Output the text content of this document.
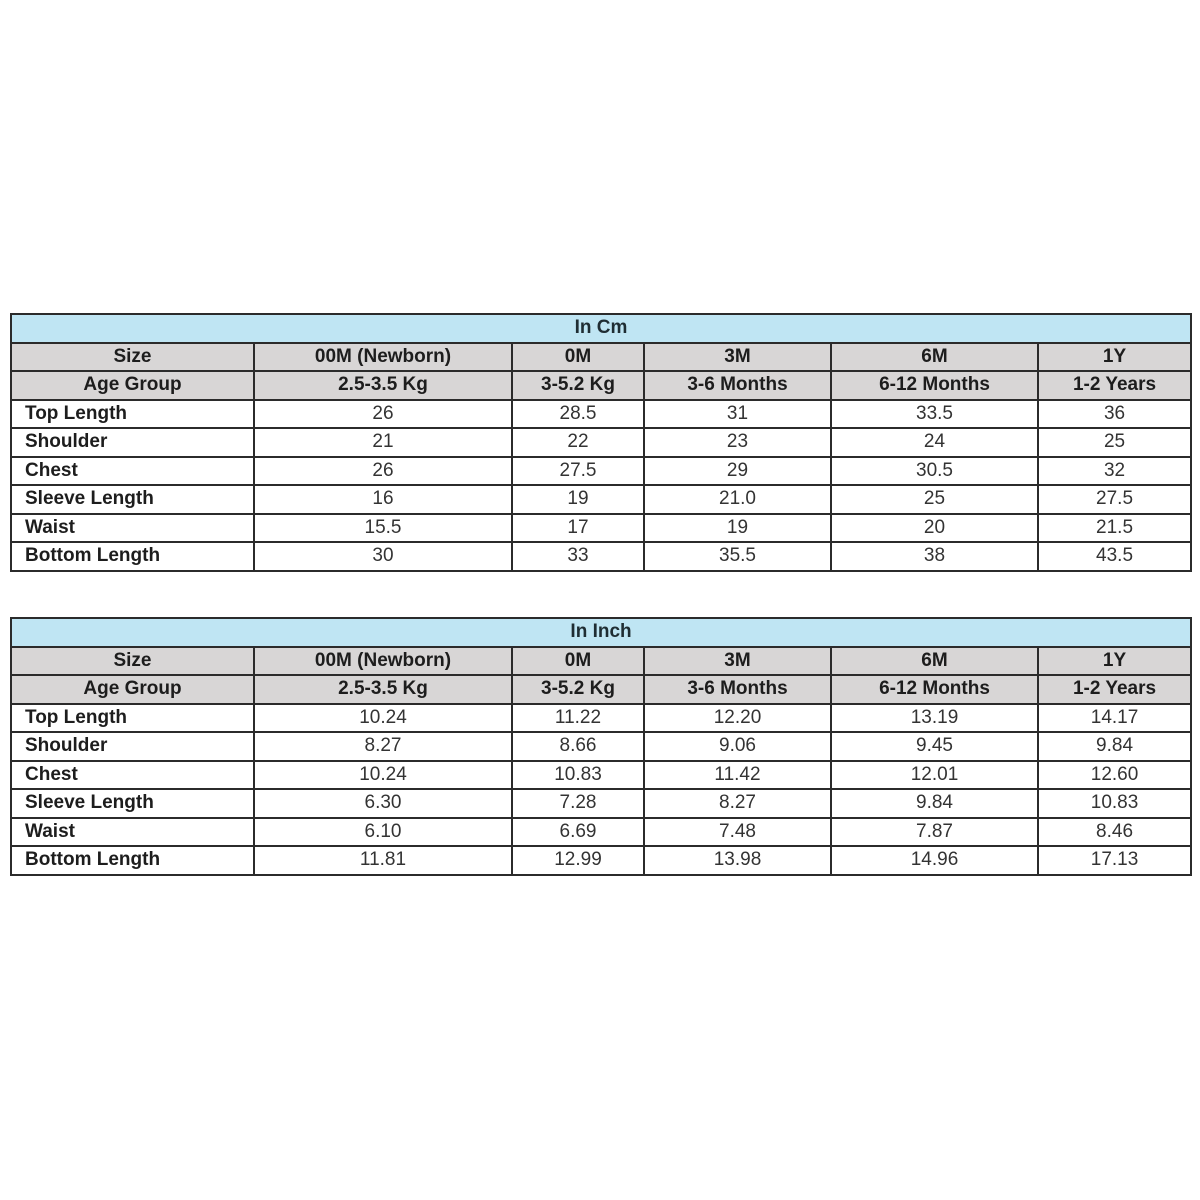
In Cm					
Size	00M (Newborn)	0M	3M	6M	1Y
Age Group	2.5-3.5 Kg	3-5.2 Kg	3-6 Months	6-12 Months	1-2 Years
Top Length	26	28.5	31	33.5	36
Shoulder	21	22	23	24	25
Chest	26	27.5	29	30.5	32
Sleeve Length	16	19	21.0	25	27.5
Waist	15.5	17	19	20	21.5
Bottom Length	30	33	35.5	38	43.5
In Inch					
Size	00M (Newborn)	0M	3M	6M	1Y
Age Group	2.5-3.5 Kg	3-5.2 Kg	3-6 Months	6-12 Months	1-2 Years
Top Length	10.24	11.22	12.20	13.19	14.17
Shoulder	8.27	8.66	9.06	9.45	9.84
Chest	10.24	10.83	11.42	12.01	12.60
Sleeve Length	6.30	7.28	8.27	9.84	10.83
Waist	6.10	6.69	7.48	7.87	8.46
Bottom Length	11.81	12.99	13.98	14.96	17.13
